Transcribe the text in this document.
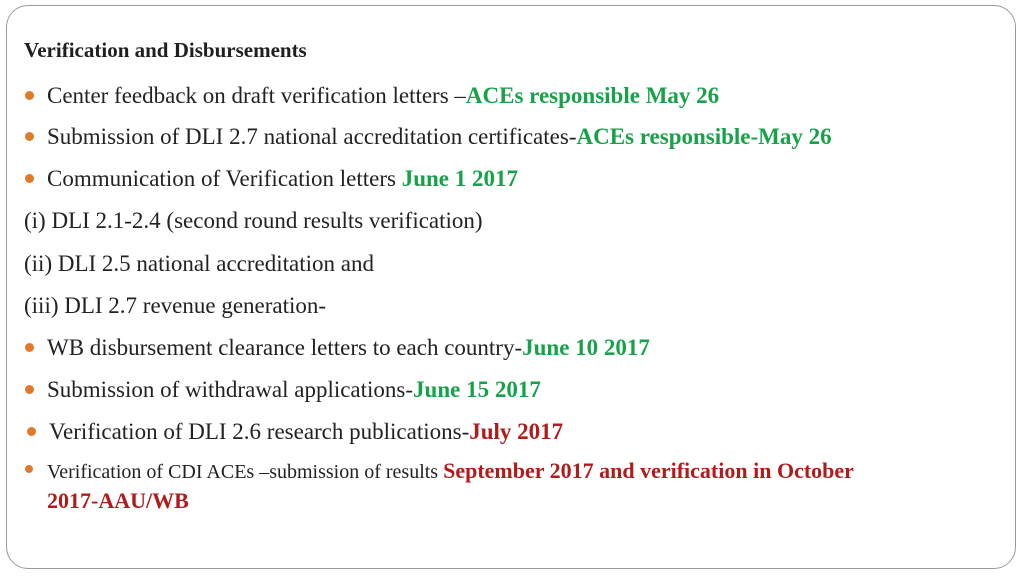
Verification and Disbursements
Center feedback on draft verification letters –ACEs responsible May 26
Submission of DLI 2.7 national accreditation certificates-ACEs responsible-May 26
Communication of Verification letters June 1 2017
(i) DLI 2.1-2.4 (second round results verification)
(ii) DLI 2.5 national accreditation and
(iii) DLI 2.7 revenue generation-
WB disbursement clearance letters to each country-June 10 2017
Submission of withdrawal applications-June 15 2017
Verification of DLI 2.6 research publications-July 2017
Verification of CDI ACEs –submission of results September 2017 and verification in October
2017-AAU/WB
